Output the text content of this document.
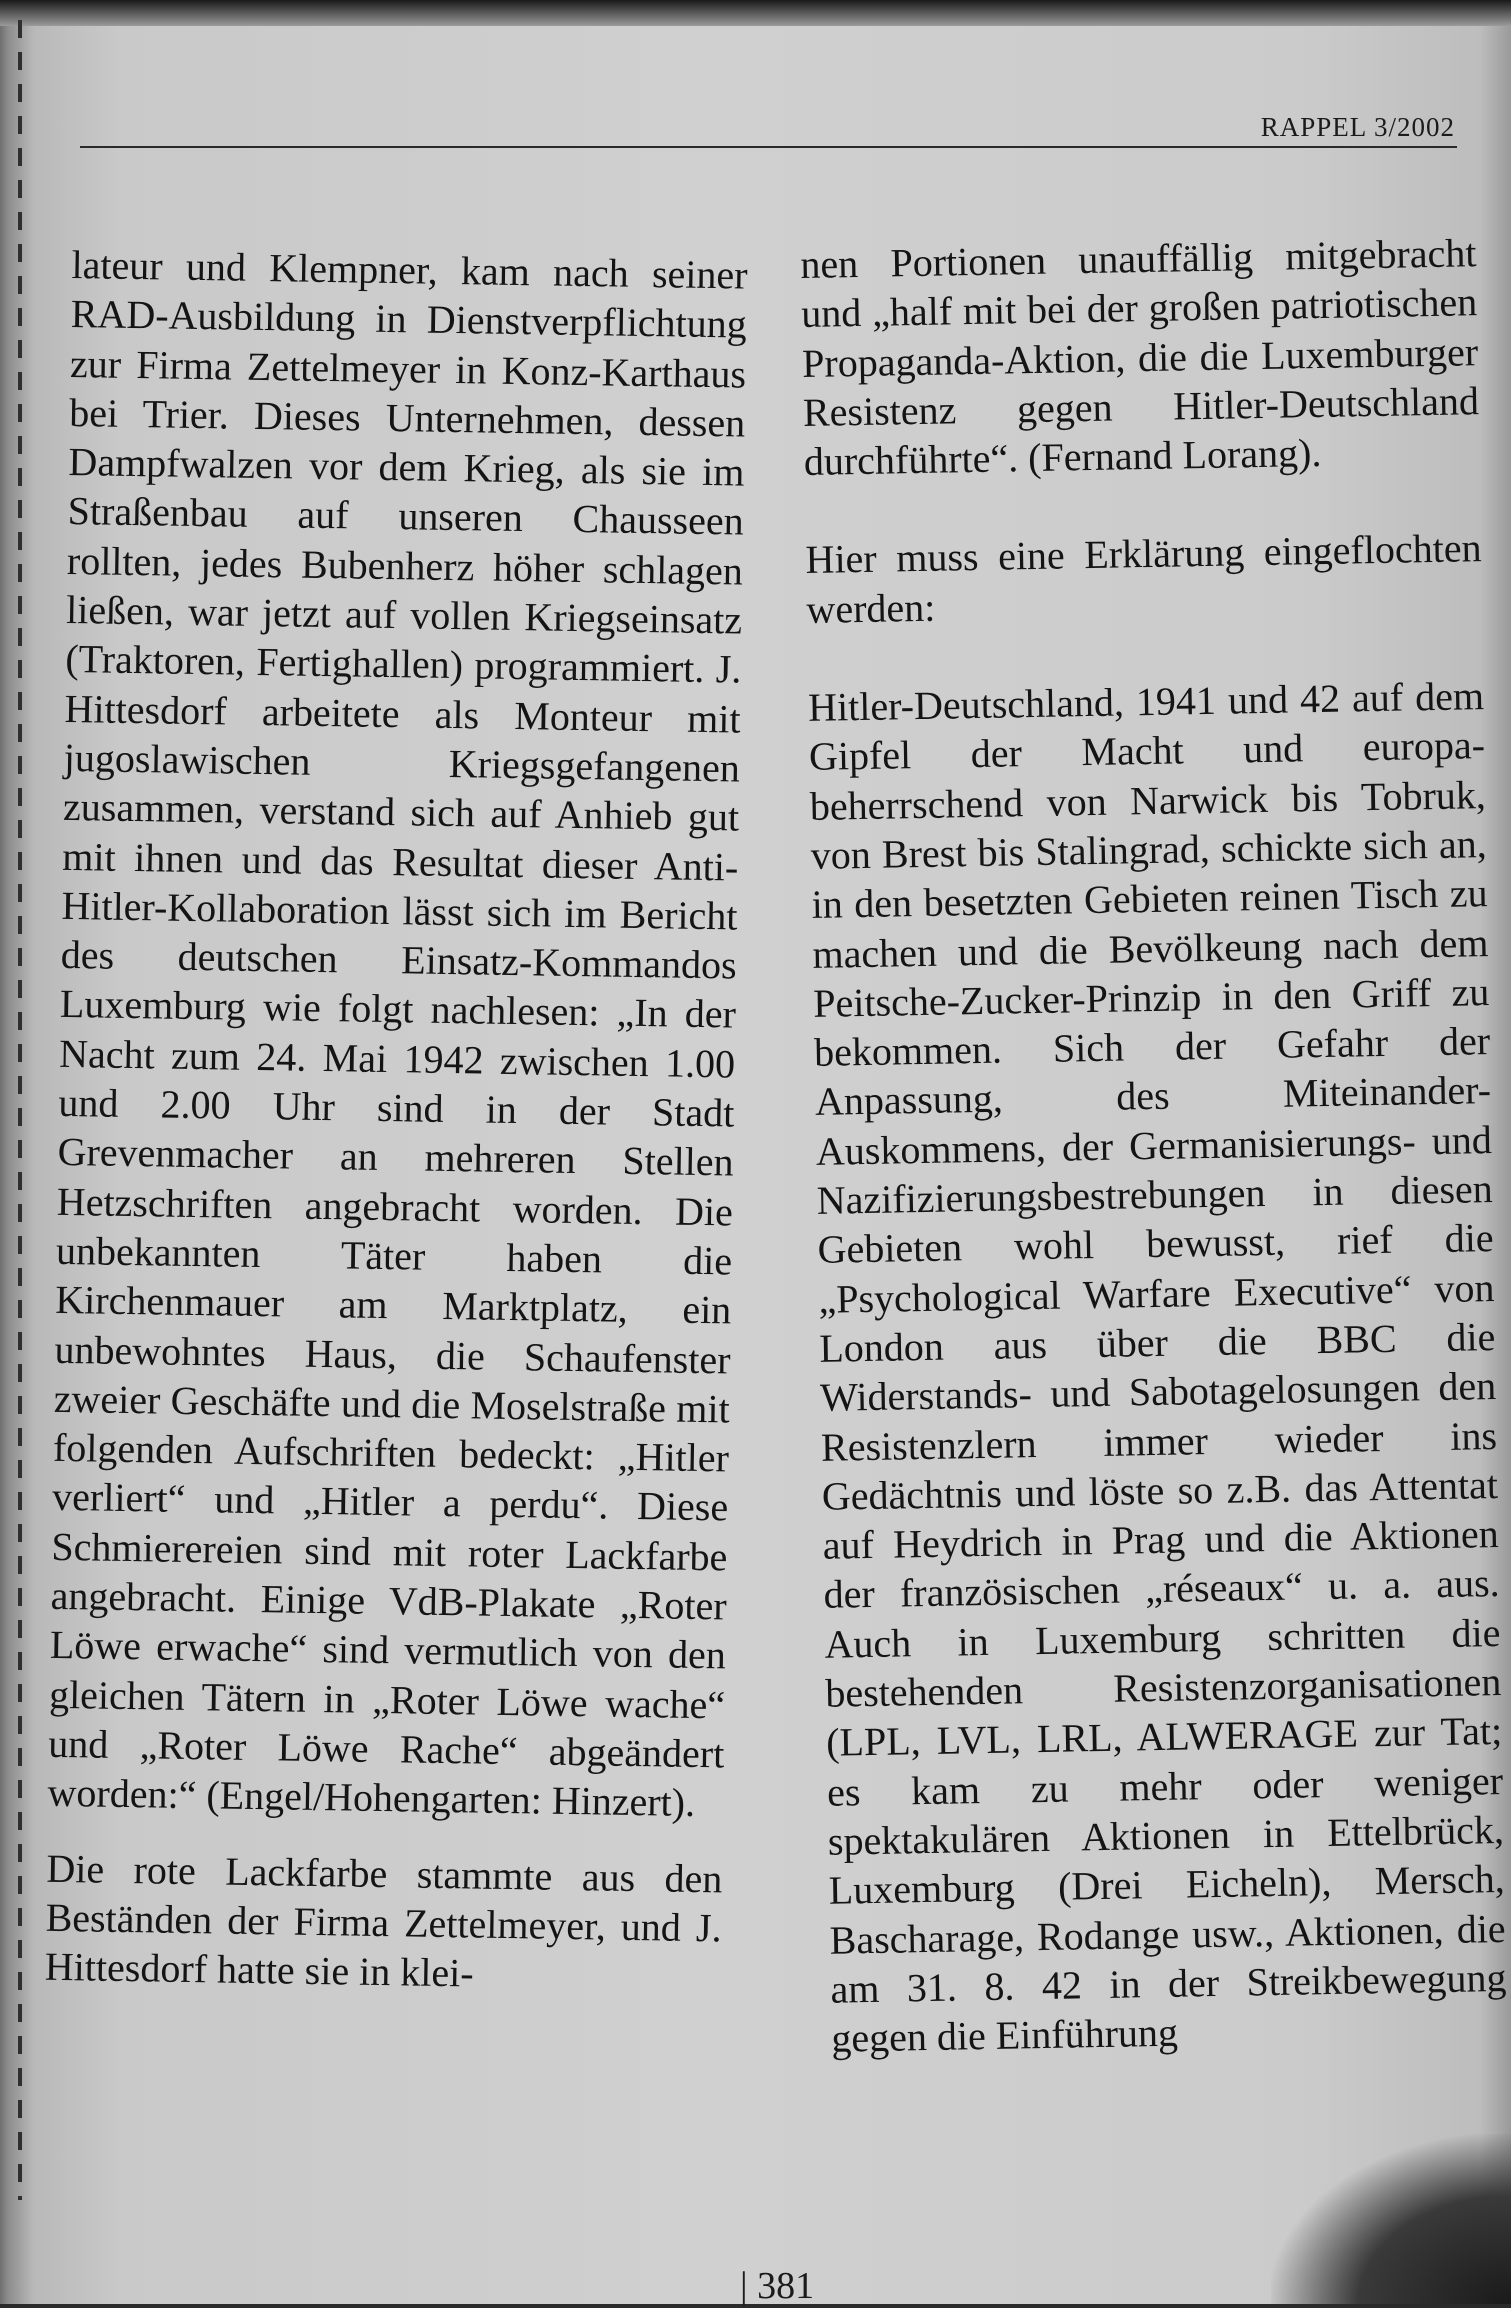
RAPPEL 3/2002

lateur und Klempner, kam nach seiner RAD-Ausbildung in Dienstverpflichtung zur Firma Zettelmeyer in Konz-Karthaus bei Trier. Dieses Unternehmen, dessen Dampfwalzen vor dem Krieg, als sie im Straßenbau auf unseren Chausseen rollten, jedes Bubenherz höher schlagen ließen, war jetzt auf vollen Kriegseinsatz (Traktoren, Fertighallen) programmiert. J. Hittesdorf arbeitete als Monteur mit jugoslawischen Kriegsgefangenen zusammen, verstand sich auf Anhieb gut mit ihnen und das Resultat dieser Anti-Hitler-Kollaboration lässt sich im Bericht des deutschen Einsatz-Kommandos Luxemburg wie folgt nachlesen: „In der Nacht zum 24. Mai 1942 zwischen 1.00 und 2.00 Uhr sind in der Stadt Grevenmacher an mehreren Stellen Hetzschriften angebracht worden. Die unbekannten Täter haben die Kirchenmauer am Marktplatz, ein unbewohntes Haus, die Schaufenster zweier Geschäfte und die Moselstraße mit folgenden Aufschriften bedeckt: „Hitler verliert“ und „Hitler a perdu“. Diese Schmierereien sind mit roter Lackfarbe angebracht. Einige VdB-Plakate „Roter Löwe erwache“ sind vermutlich von den gleichen Tätern in „Roter Löwe wache“ und „Roter Löwe Rache“ abgeändert worden:“ (Engel/Hohengarten: Hinzert).

Die rote Lackfarbe stammte aus den Beständen der Firma Zettelmeyer, und J. Hittesdorf hatte sie in klei-

nen Portionen unauffällig mitgebracht und „half mit bei der großen patriotischen Propaganda-Aktion, die die Luxemburger Resistenz gegen Hitler-Deutschland durchführte“. (Fernand Lorang).

Hier muss eine Erklärung eingeflochten werden:

Hitler-Deutschland, 1941 und 42 auf dem Gipfel der Macht und europa-beherrschend von Narwick bis Tobruk, von Brest bis Stalingrad, schickte sich an, in den besetzten Gebieten reinen Tisch zu machen und die Bevölkeung nach dem Peitsche-Zucker-Prinzip in den Griff zu bekommen. Sich der Gefahr der Anpassung, des Miteinander-Auskommens, der Germanisierungs- und Nazifizierungsbestrebungen in diesen Gebieten wohl bewusst, rief die „Psychological Warfare Executive“ von London aus über die BBC die Widerstands- und Sabotagelosungen den Resistenzlern immer wieder ins Gedächtnis und löste so z.B. das Attentat auf Heydrich in Prag und die Aktionen der französischen „réseaux“ u. a. aus. Auch in Luxemburg schritten die bestehenden Resistenzorganisationen (LPL, LVL, LRL, ALWERAGE zur Tat; es kam zu mehr oder weniger spektakulären Aktionen in Ettelbrück, Luxemburg (Drei Eicheln), Mersch, Bascharage, Rodange usw., Aktionen, die am 31. 8. 42 in der Streikbewegung gegen die Einführung

| 381
